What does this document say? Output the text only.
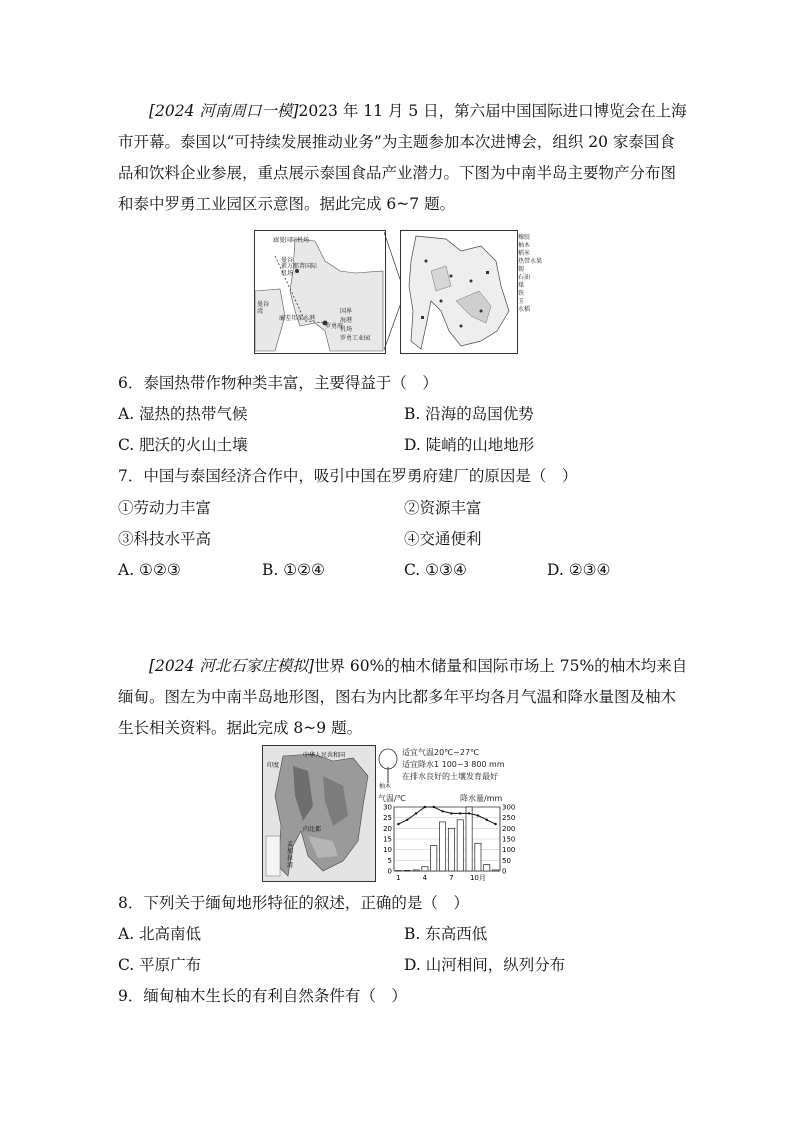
[2024 河南周口一模]2023 年 11 月 5 日，第六届中国国际进口博览会在上海市开幕。泰国以“可持续发展推动业务”为主题参加本次进博会，组织 20 家泰国食品和饮料企业参展，重点展示泰国食品产业潜力。下图为中南半岛主要物产分布图和泰中罗勇工业园区示意图。据此完成 6~7 题。
廊曼国际机场
曼谷
素万那普国际机场
曼谷湾
廉差邦深水港
罗勇府
国界
海港
机场
罗勇工业园
橡胶
柚木
稻米
热带水果
锡
石油
煤
铁
玉
水稻
6．泰国热带作物种类丰富，主要得益于（　）
A. 湿热的热带气候	B. 沿海的岛国优势
C. 肥沃的火山土壤	D. 陡峭的山地地形
7．中国与泰国经济合作中，吸引中国在罗勇府建厂的原因是（　）
①劳动力丰富	②资源丰富
③科技水平高	④交通便利
A. ①②③	B. ①②④	C. ①③④	D. ②③④
[2024 河北石家庄模拟]世界 60%的柚木储量和国际市场上 75%的柚木均来自缅甸。图左为中南半岛地形图，图右为内比都多年平均各月气温和降水量图及柚木生长相关资料。据此完成 8~9 题。
中华人民共和国
内比都
孟加拉湾
印度
柚木
适宜气温20℃~27℃
适宜降水1 100~3 800 mm
在排水良好的土壤发育最好
气温/℃	降水量/mm
0
5
10
15
20
25
30
0
50
100
150
200
250
300
1	4	7 10月
8．下列关于缅甸地形特征的叙述，正确的是（　）
A. 北高南低	B. 东高西低
C. 平原广布	D. 山河相间，纵列分布
9．缅甸柚木生长的有利自然条件有（　）
